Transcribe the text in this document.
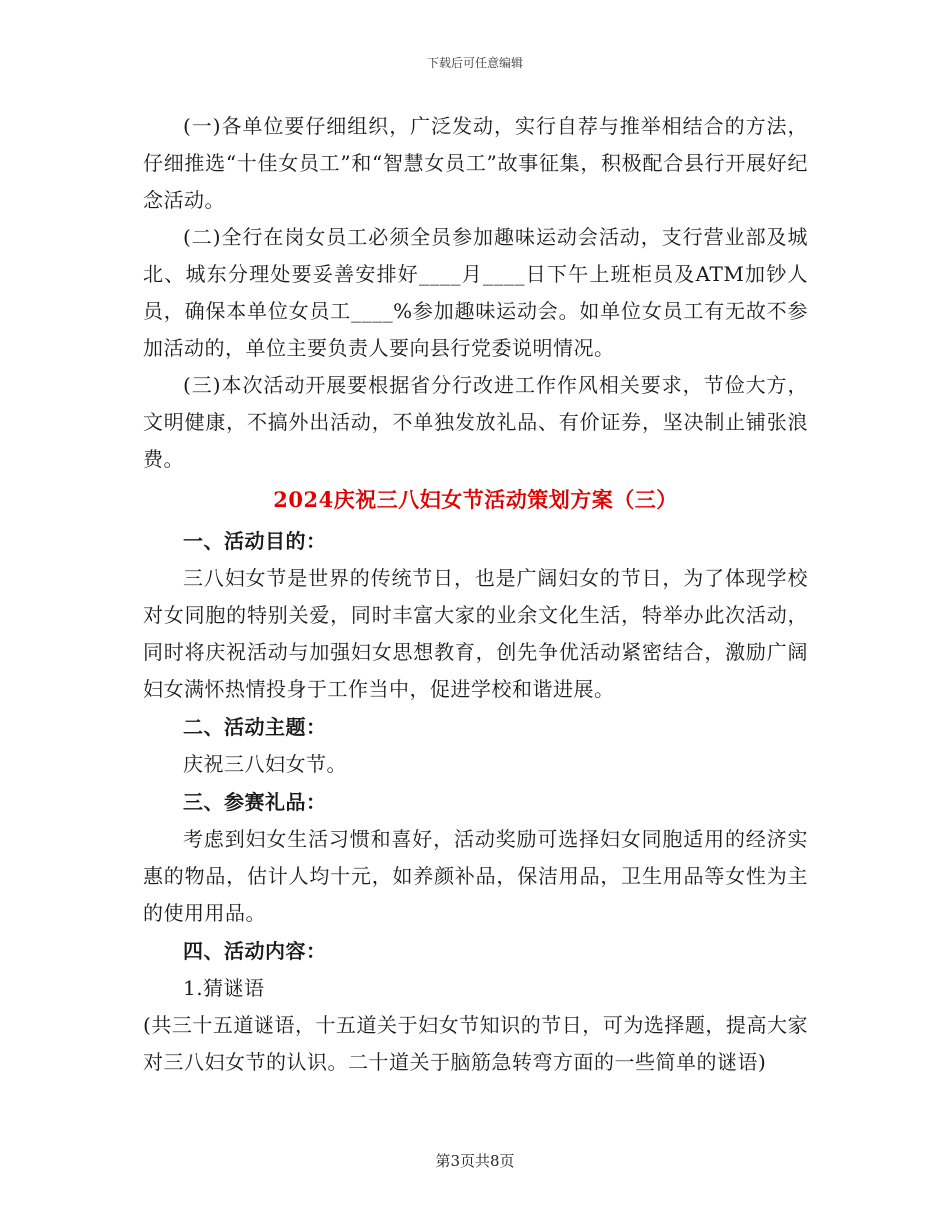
下载后可任意编辑

(一)各单位要仔细组织，广泛发动，实行自荐与推举相结合的方法，仔细推选“十佳女员工”和“智慧女员工”故事征集，积极配合县行开展好纪念活动。

(二)全行在岗女员工必须全员参加趣味运动会活动，支行营业部及城北、城东分理处要妥善安排好____月____日下午上班柜员及ATM加钞人员，确保本单位女员工____%参加趣味运动会。如单位女员工有无故不参加活动的，单位主要负责人要向县行党委说明情况。

(三)本次活动开展要根据省分行改进工作作风相关要求，节俭大方，文明健康，不搞外出活动，不单独发放礼品、有价证券，坚决制止铺张浪费。

2024庆祝三八妇女节活动策划方案（三）
一、活动目的：

三八妇女节是世界的传统节日，也是广阔妇女的节日，为了体现学校对女同胞的特别关爱，同时丰富大家的业余文化生活，特举办此次活动，同时将庆祝活动与加强妇女思想教育，创先争优活动紧密结合，激励广阔妇女满怀热情投身于工作当中，促进学校和谐进展。

二、活动主题：

庆祝三八妇女节。

三、参赛礼品：

考虑到妇女生活习惯和喜好，活动奖励可选择妇女同胞适用的经济实惠的物品，估计人均十元，如养颜补品，保洁用品，卫生用品等女性为主的使用用品。

四、活动内容：

1.猜谜语

(共三十五道谜语，十五道关于妇女节知识的节日，可为选择题，提高大家对三八妇女节的认识。二十道关于脑筋急转弯方面的一些简单的谜语)

第3页共8页
